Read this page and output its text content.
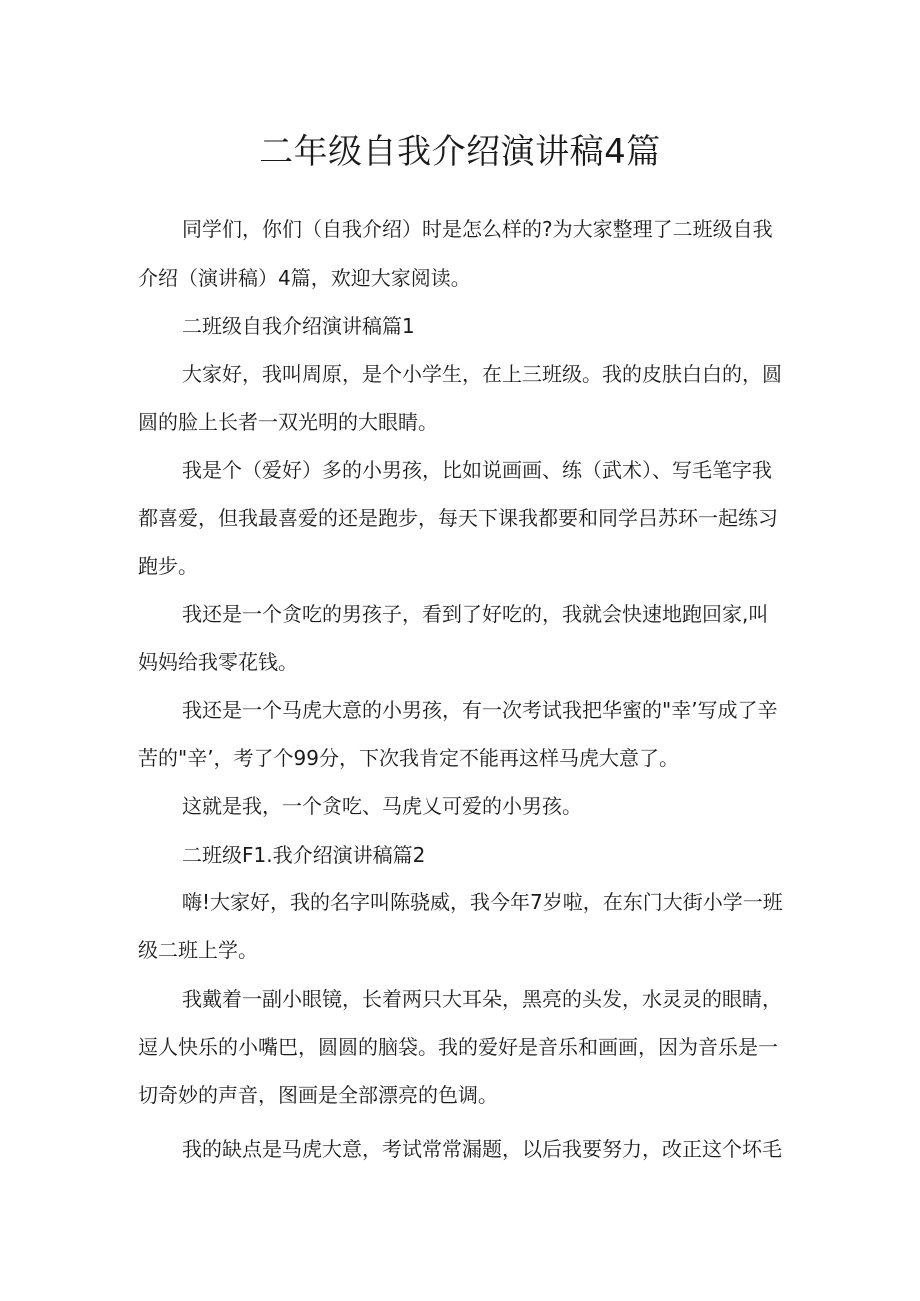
二年级自我介绍演讲稿4篇

同学们，你们（自我介绍）时是怎么样的?为大家整理了二班级自我

介绍（演讲稿）4篇，欢迎大家阅读。

二班级自我介绍演讲稿篇1

大家好，我叫周原，是个小学生，在上三班级。我的皮肤白白的，圆

圆的脸上长者一双光明的大眼睛。

我是个（爱好）多的小男孩，比如说画画、练（武术）、写毛笔字我

都喜爱，但我最喜爱的还是跑步，每天下课我都要和同学吕苏环一起练习

跑步。

我还是一个贪吃的男孩子，看到了好吃的，我就会快速地跑回家,叫

妈妈给我零花钱。

我还是一个马虎大意的小男孩，有一次考试我把华蜜的"幸’写成了辛

苦的"辛’，考了个99分，下次我肯定不能再这样马虎大意了。

这就是我，一个贪吃、马虎乂可爱的小男孩。

二班级F1.我介绍演讲稿篇2

嗨!大家好，我的名字叫陈骁威，我今年7岁啦，在东门大街小学一班

级二班上学。

我戴着一副小眼镜，长着两只大耳朵，黑亮的头发，水灵灵的眼睛，

逗人快乐的小嘴巴，圆圆的脑袋。我的爱好是音乐和画画，因为音乐是一

切奇妙的声音，图画是全部漂亮的色调。

我的缺点是马虎大意，考试常常漏题，以后我要努力，改正这个坏毛
